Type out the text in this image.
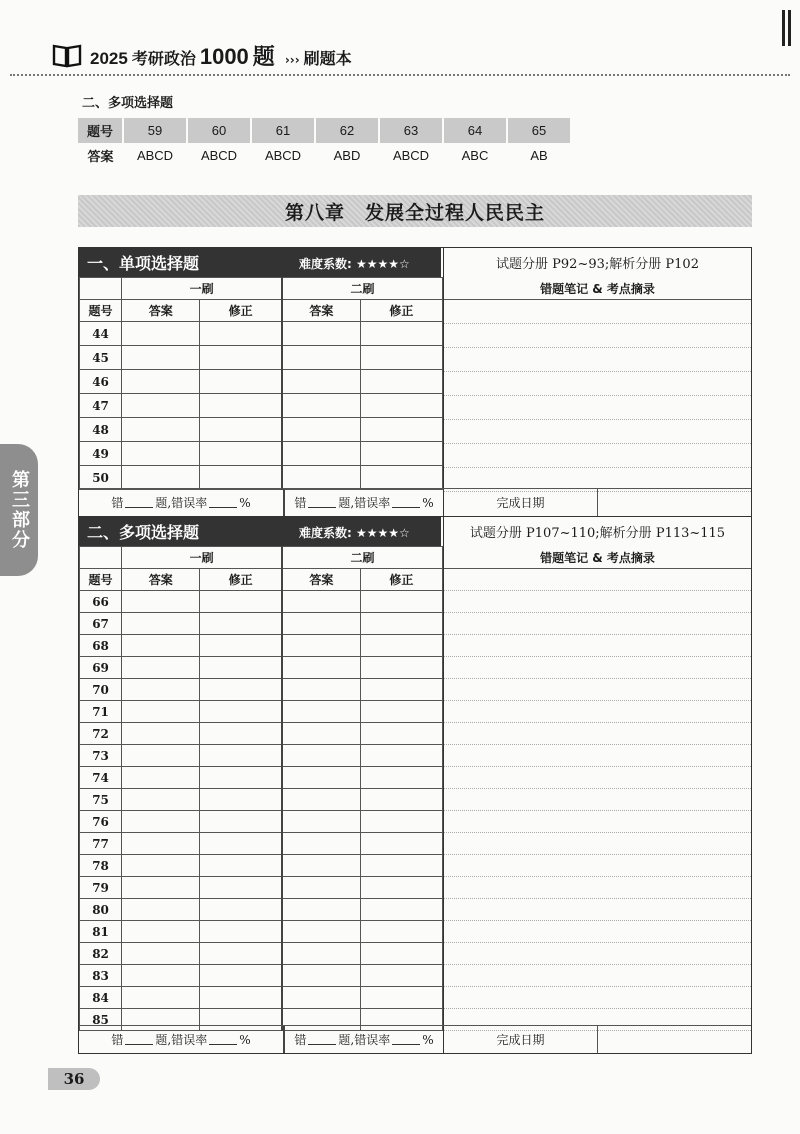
2025 考研政治 1000 题 ››› 刷题本
二、多项选择题
题号	59	60	61	62	63	64	65
答案	ABCD	ABCD	ABCD	ABD	ABCD	ABC	AB
第八章　发展全过程人民民主
第三部分
一、单项选择题	难度系数: ★★★★☆	试题分册 P92~93;解析分册 P102
	一刷		二刷	
题号	答案	修正	答案	修正
44				
45				
46				
47				
48				
49				
50				
错题笔记 & 考点摘录
错	题,错误率	%	错	题,错误率	%	完成日期
二、多项选择题	难度系数: ★★★★☆	试题分册 P107~110;解析分册 P113~115
	一刷		二刷	
题号	答案	修正	答案	修正
66				
67				
68				
69				
70				
71				
72				
73				
74				
75				
76				
77				
78				
79				
80				
81				
82				
83				
84				
85				
错题笔记 & 考点摘录
错	题,错误率	%	错	题,错误率	%	完成日期
36
